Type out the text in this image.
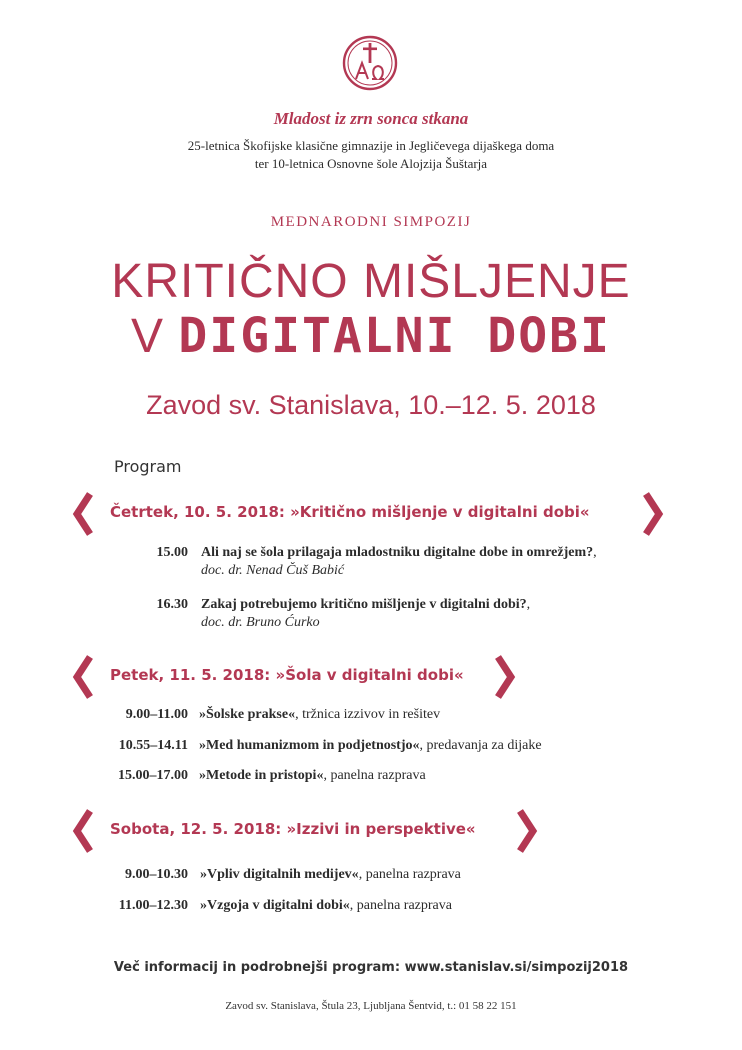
Mladost iz zrn sonca stkana
25-letnica Škofijske klasične gimnazije in Jegličevega dijaškega doma
ter 10-letnica Osnovne šole Alojzija Šuštarja
MEDNARODNI SIMPOZIJ
KRITIČNO MIŠLJENJE
V DIGITALNI DOBI
Zavod sv. Stanislava, 10.–12. 5. 2018
Program
Četrtek, 10. 5. 2018: »Kritično mišljenje v digitalni dobi«
15.00 Ali naj se šola prilagaja mladostniku digitalne dobe in omrežjem?,
doc. dr. Nenad Čuš Babić
16.30 Zakaj potrebujemo kritično mišljenje v digitalni dobi?,
doc. dr. Bruno Ćurko
Petek, 11. 5. 2018: »Šola v digitalni dobi«
9.00–11.00 »Šolske prakse«, tržnica izzivov in rešitev
10.55–14.11 »Med humanizmom in podjetnostjo«, predavanja za dijake
15.00–17.00 »Metode in pristopi«, panelna razprava
Sobota, 12. 5. 2018: »Izzivi in perspektive«
9.00–10.30 »Vpliv digitalnih medijev«, panelna razprava
11.00–12.30 »Vzgoja v digitalni dobi«, panelna razprava
Več informacij in podrobnejši program: www.stanislav.si/simpozij2018
Zavod sv. Stanislava, Štula 23, Ljubljana Šentvid, t.: 01 58 22 151
